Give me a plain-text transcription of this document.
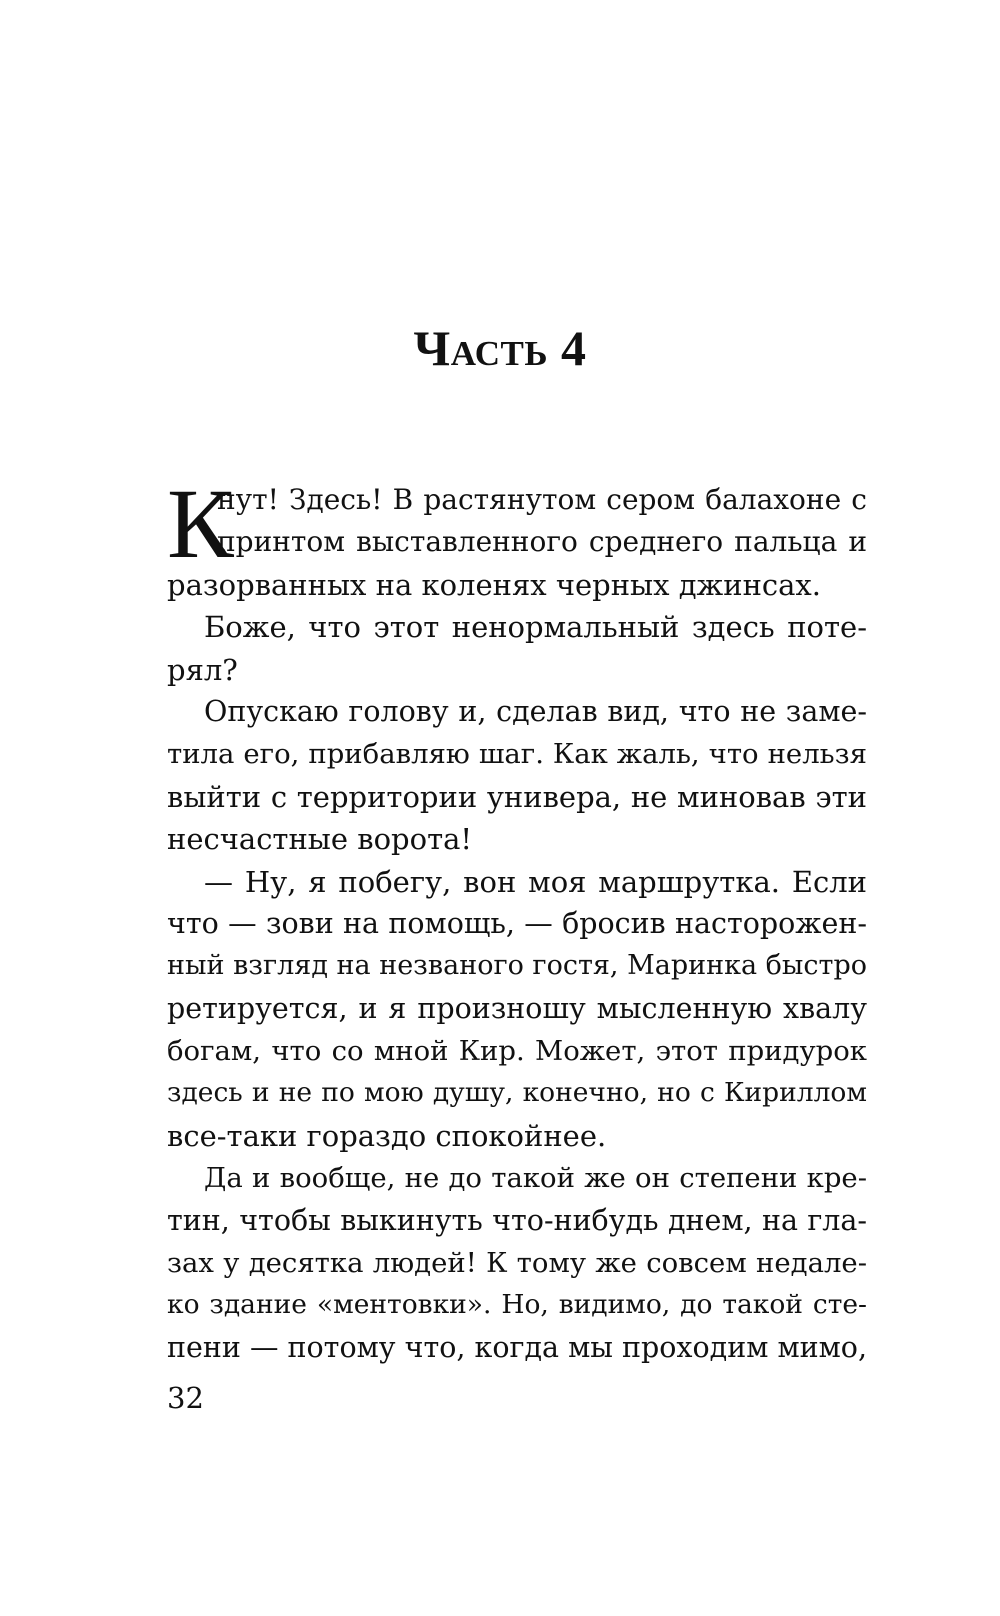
Часть 4
К
нут! Здесь! В растянутом сером балахоне с
принтом выставленного среднего пальца и
разорванных на коленях черных джинсах.
Боже, что этот ненормальный здесь поте-
рял?
Опускаю голову и, сделав вид, что не заме-
тила его, прибавляю шаг. Как жаль, что нельзя
выйти с территории универа, не миновав эти
несчастные ворота!
— Ну, я побегу, вон моя маршрутка. Если
что — зови на помощь, — бросив насторожен-
ный взгляд на незваного гостя, Маринка быстро
ретируется, и я произношу мысленную хвалу
богам, что со мной Кир. Может, этот придурок
здесь и не по мою душу, конечно, но с Кириллом
все-таки гораздо спокойнее.
Да и вообще, не до такой же он степени кре-
тин, чтобы выкинуть что-нибудь днем, на гла-
зах у десятка людей! К тому же совсем недале-
ко здание «ментовки». Но, видимо, до такой сте-
пени — потому что, когда мы проходим мимо,
32
